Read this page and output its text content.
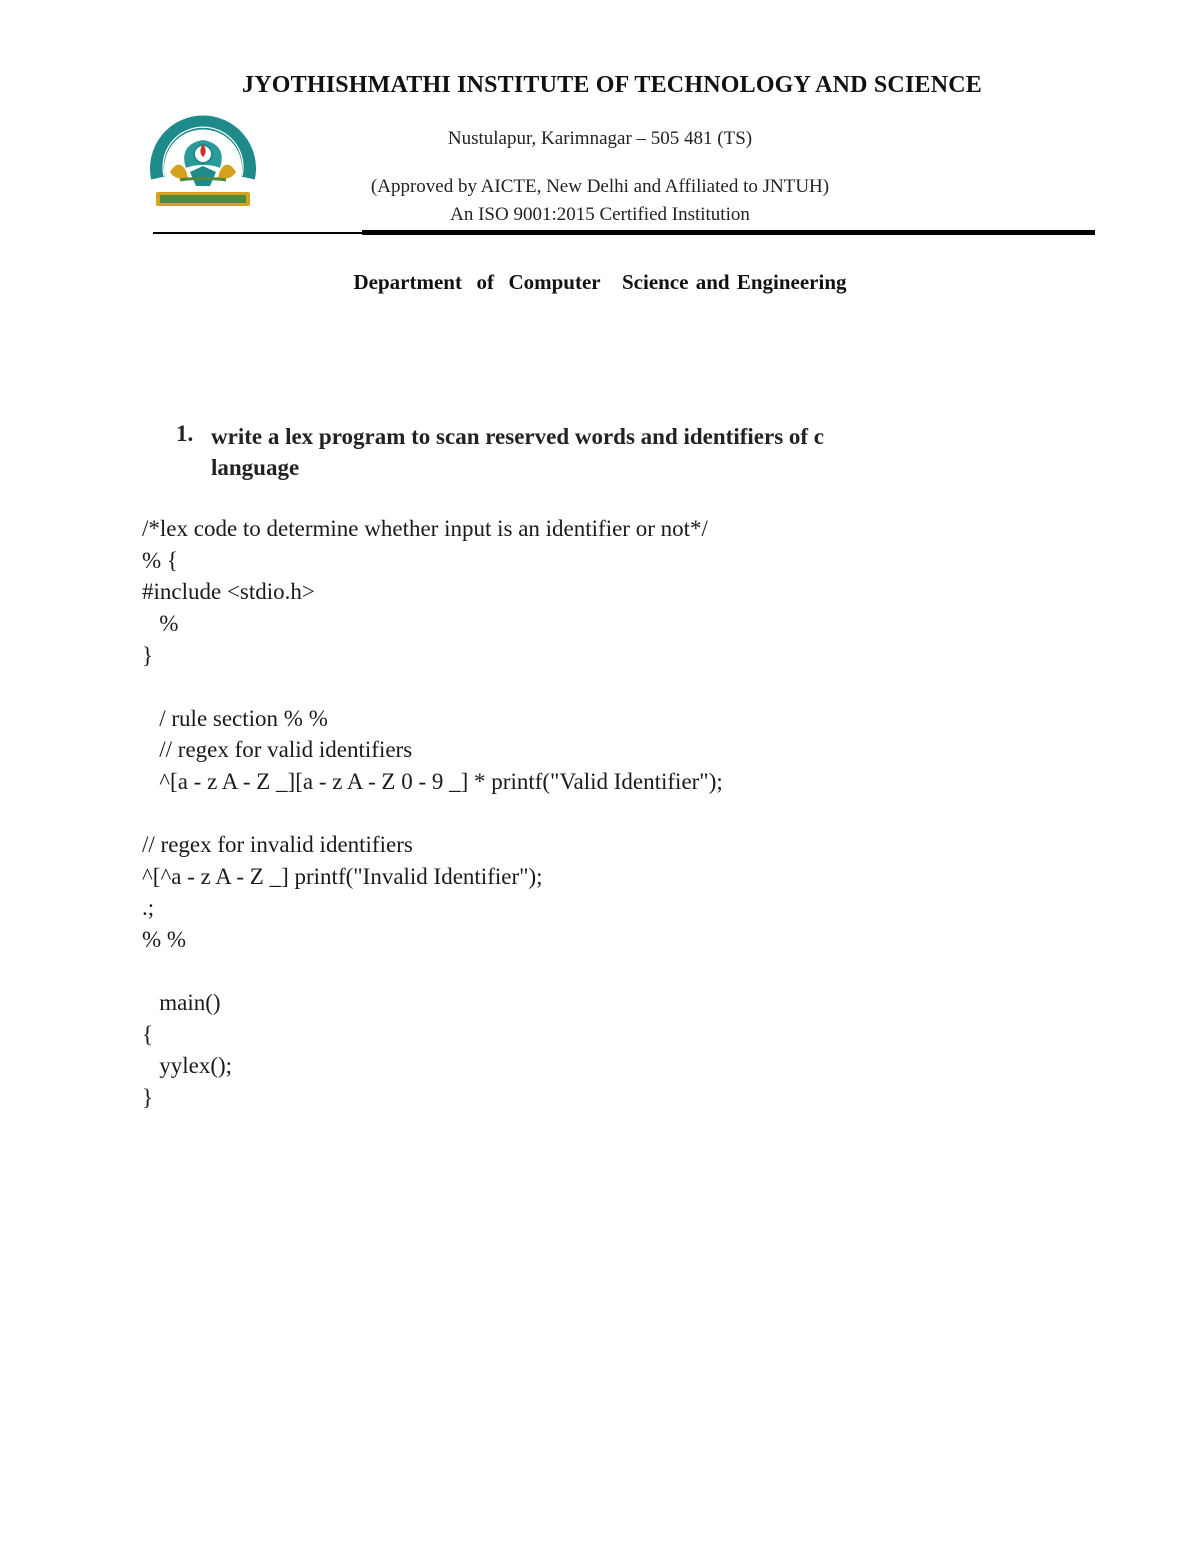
JYOTHISHMATHI INSTITUTE OF TECHNOLOGY AND SCIENCE
Nustulapur, Karimnagar – 505 481 (TS)
(Approved by AICTE, New Delhi and Affiliated to JNTUH)
An ISO 9001:2015 Certified Institution
Department  of  Computer   Science and Engineering
1. write a lex program to scan reserved words and identifiers of c
language
/*lex code to determine whether input is an identifier or not*/
% {
#include <stdio.h>
%
}
/ rule section % %
// regex for valid identifiers
^[a - z A - Z _][a - z A - Z 0 - 9 _] * printf("Valid Identifier");
// regex for invalid identifiers
^[^a - z A - Z _] printf("Invalid Identifier");
.;
% %
main()
{
yylex();
}
